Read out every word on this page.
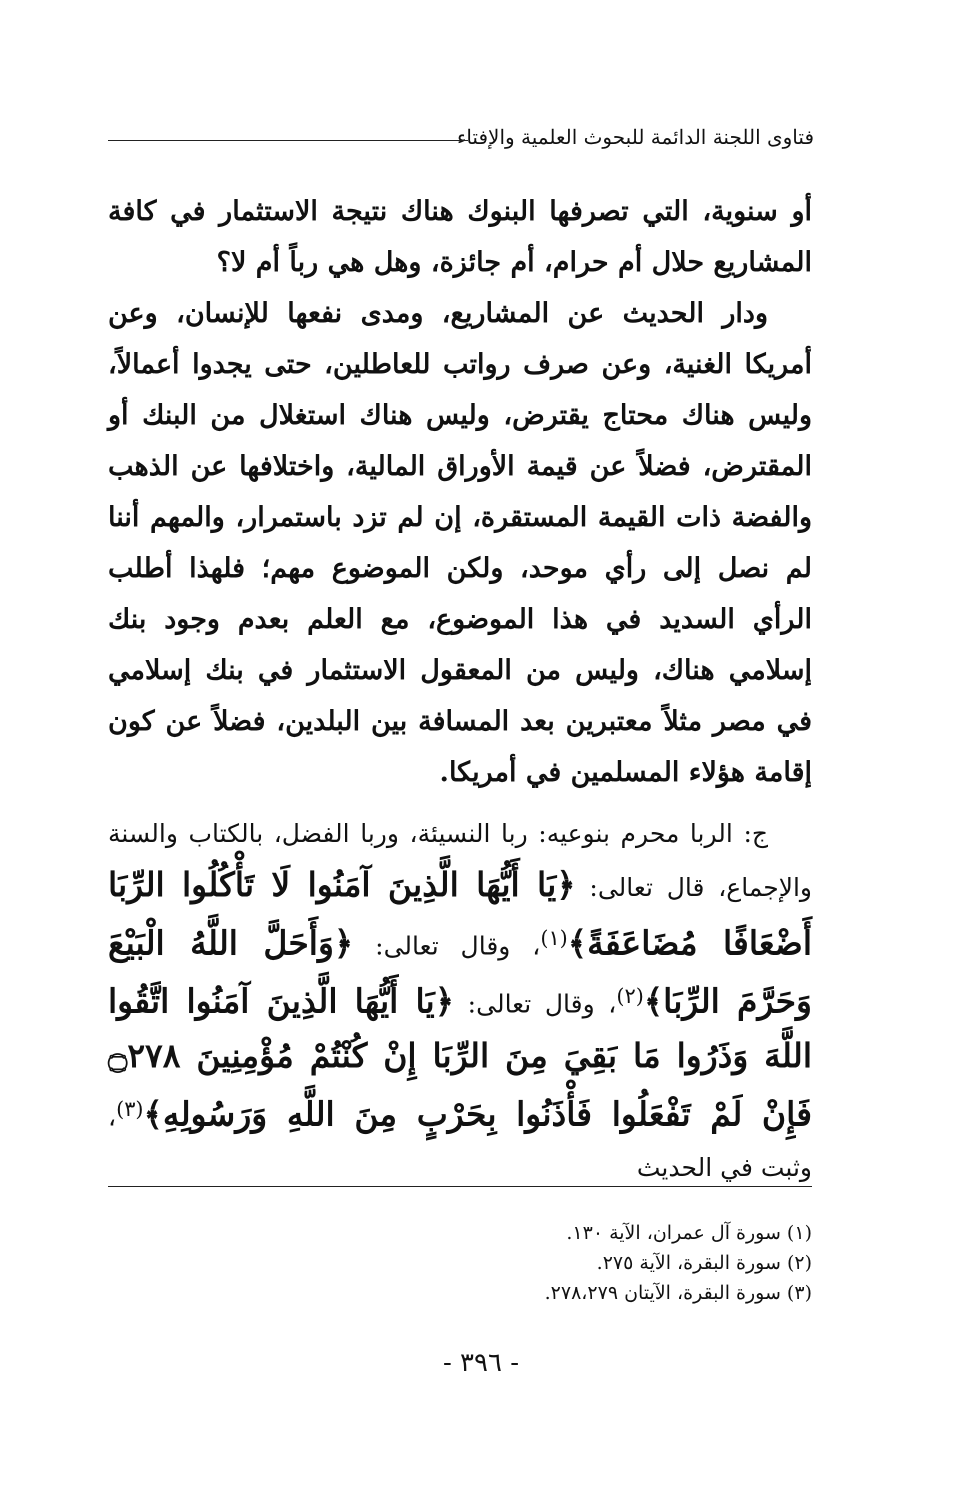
فتاوى اللجنة الدائمة للبحوث العلمية والإفتاء

أو سنوية، التي تصرفها البنوك هناك نتيجة الاستثمار في كافة المشاريع حلال أم حرام، أم جائزة، وهل هي رباً أم لا؟

ودار الحديث عن المشاريع، ومدى نفعها للإنسان، وعن أمريكا الغنية، وعن صرف رواتب للعاطلين، حتى يجدوا أعمالاً، وليس هناك محتاج يقترض، وليس هناك استغلال من البنك أو المقترض، فضلاً عن قيمة الأوراق المالية، واختلافها عن الذهب والفضة ذات القيمة المستقرة، إن لم تزد باستمرار، والمهم أننا لم نصل إلى رأي موحد، ولكن الموضوع مهم؛ فلهذا أطلب الرأي السديد في هذا الموضوع، مع العلم بعدم وجود بنك إسلامي هناك، وليس من المعقول الاستثمار في بنك إسلامي في مصر مثلاً معتبرين بعد المسافة بين البلدين، فضلاً عن كون إقامة هؤلاء المسلمين في أمريكا.

ج: الربا محرم بنوعيه: ربا النسيئة، وربا الفضل، بالكتاب والسنة والإجماع، قال تعالى: ﴿يَا أَيُّهَا الَّذِينَ آمَنُوا لَا تَأْكُلُوا الرِّبَا أَضْعَافًا مُضَاعَفَةً﴾$^{(١)}$، وقال تعالى: ﴿وَأَحَلَّ اللَّهُ الْبَيْعَ وَحَرَّمَ الرِّبَا﴾$^{(٢)}$، وقال تعالى: ﴿يَا أَيُّهَا الَّذِينَ آمَنُوا اتَّقُوا اللَّهَ وَذَرُوا مَا بَقِيَ مِنَ الرِّبَا إِنْ كُنْتُمْ مُؤْمِنِينَ ۝٢٧٨ فَإِنْ لَمْ تَفْعَلُوا فَأْذَنُوا بِحَرْبٍ مِنَ اللَّهِ وَرَسُولِهِ﴾$^{(٣)}$، وثبت في الحديث

(١) سورة آل عمران، الآية ١٣٠.
(٢) سورة البقرة، الآية ٢٧٥.
(٣) سورة البقرة، الآيتان ٢٧٨،٢٧٩.
- ٣٩٦ -
